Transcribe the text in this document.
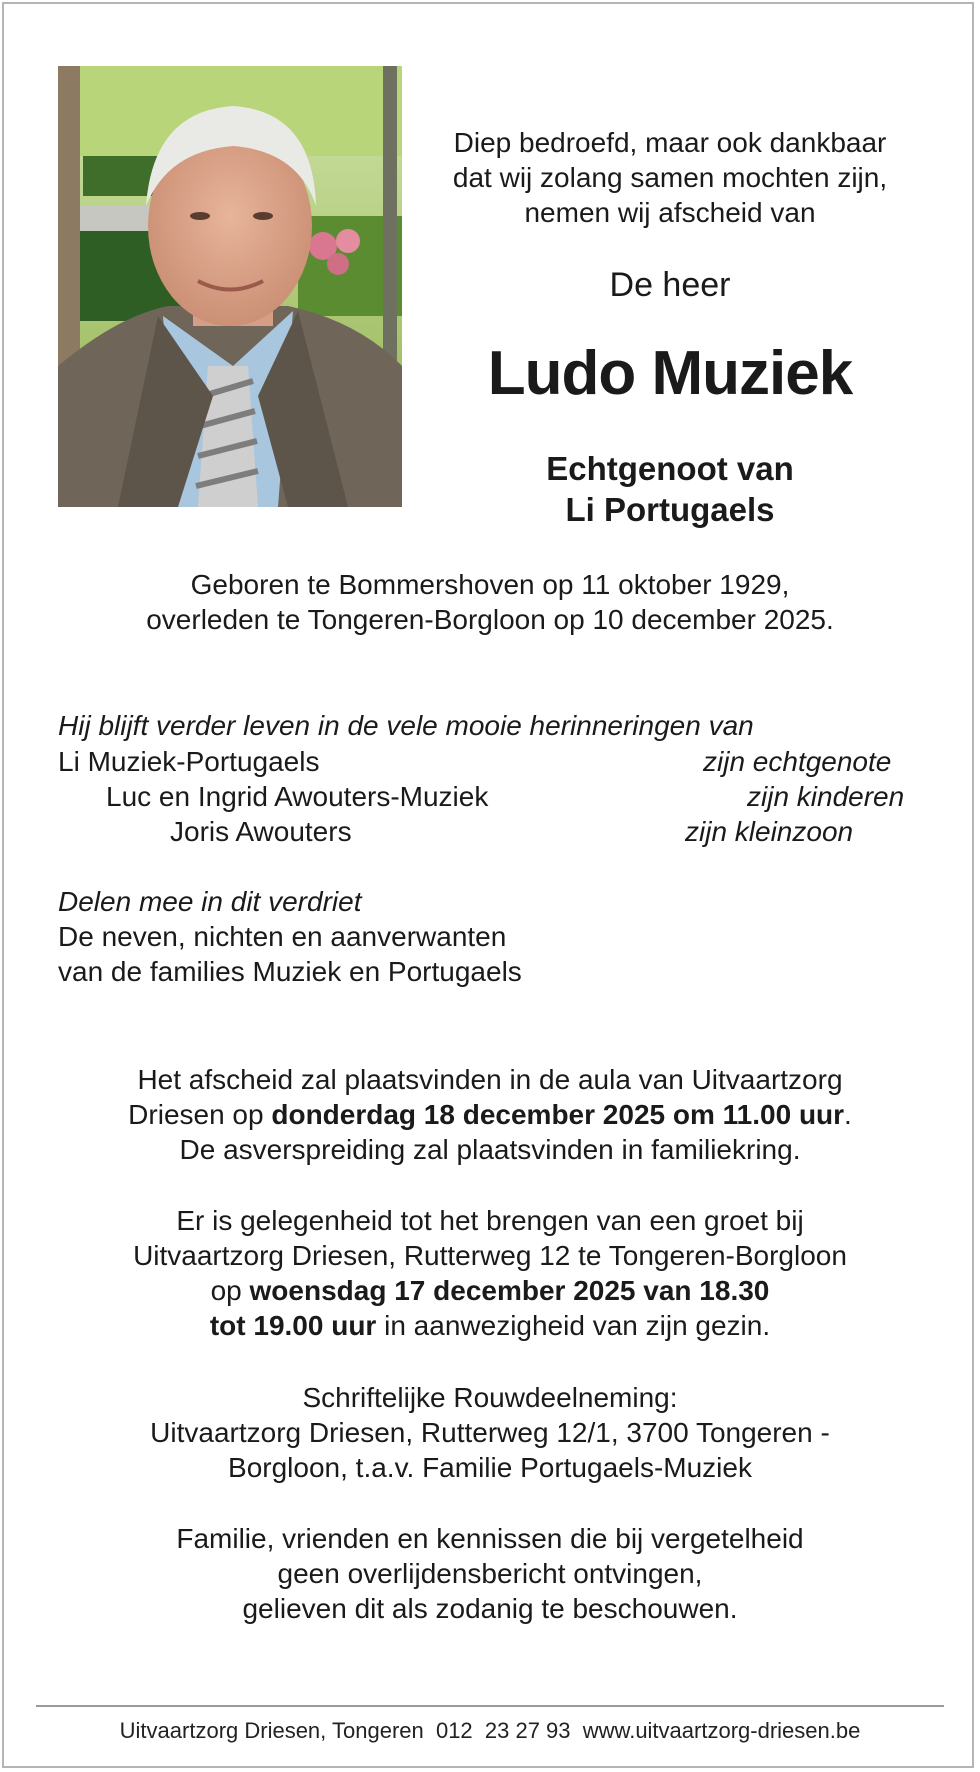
Diep bedroefd, maar ook dankbaar
dat wij zolang samen mochten zijn,
nemen wij afscheid van
De heer
Ludo Muziek
Echtgenoot van
Li Portugaels
Geboren te Bommershoven op 11 oktober 1929,
overleden te Tongeren-Borgloon op 10 december 2025.
Hij blijft verder leven in de vele mooie herinneringen van
Li Muziek-Portugaels	zijn echtgenote
Luc en Ingrid Awouters-Muziek	zijn kinderen
Joris Awouters	zijn kleinzoon
Delen mee in dit verdriet
De neven, nichten en aanverwanten
van de families Muziek en Portugaels
Het afscheid zal plaatsvinden in de aula van Uitvaartzorg
Driesen op donderdag 18 december 2025 om 11.00 uur.
De asverspreiding zal plaatsvinden in familiekring.
Er is gelegenheid tot het brengen van een groet bij
Uitvaartzorg Driesen, Rutterweg 12 te Tongeren-Borgloon
op woensdag 17 december 2025 van 18.30
tot 19.00 uur in aanwezigheid van zijn gezin.
Schriftelijke Rouwdeelneming:
Uitvaartzorg Driesen, Rutterweg 12/1, 3700 Tongeren -
Borgloon, t.a.v. Familie Portugaels-Muziek
Familie, vrienden en kennissen die bij vergetelheid
geen overlijdensbericht ontvingen,
gelieven dit als zodanig te beschouwen.
Uitvaartzorg Driesen, Tongeren  012  23 27 93  www.uitvaartzorg-driesen.be
